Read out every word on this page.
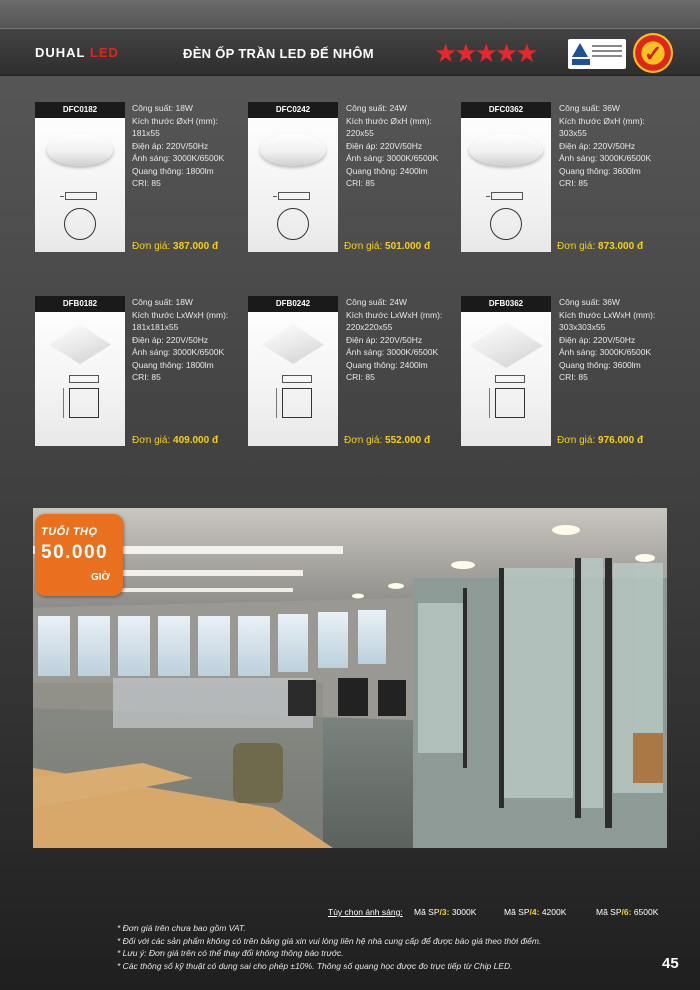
DUHAL LED	ĐÈN ỐP TRẦN LED ĐẾ NHÔM ★★★★★	✓
DFC0182	Công suất: 18W
Kích thước ØxH (mm):
181x55
Điện áp: 220V/50Hz
Ánh sáng: 3000K/6500K
Quang thông: 1800lm
CRI: 85
Đơn giá: 387.000 đ
DFC0242	Công suất: 24W
Kích thước ØxH (mm):
220x55
Điện áp: 220V/50Hz
Ánh sáng: 3000K/6500K
Quang thông: 2400lm
CRI: 85
Đơn giá: 501.000 đ
DFC0362	Công suất: 36W
Kích thước ØxH (mm):
303x55
Điện áp: 220V/50Hz
Ánh sáng: 3000K/6500K
Quang thông: 3600lm
CRI: 85
Đơn giá: 873.000 đ
DFB0182	Công suất: 18W
Kích thước LxWxH (mm):
181x181x55
Điện áp: 220V/50Hz
Ánh sáng: 3000K/6500K
Quang thông: 1800lm
CRI: 85
Đơn giá: 409.000 đ
DFB0242	Công suất: 24W
Kích thước LxWxH (mm):
220x220x55
Điện áp: 220V/50Hz
Ánh sáng: 3000K/6500K
Quang thông: 2400lm
CRI: 85
Đơn giá: 552.000 đ
DFB0362	Công suất: 36W
Kích thước LxWxH (mm):
303x303x55
Điện áp: 220V/50Hz
Ánh sáng: 3000K/6500K
Quang thông: 3600lm
CRI: 85
Đơn giá: 976.000 đ
TUỔI THỌ
50.000
GIỜ
Tùy chọn ánh sáng: Mã SP/3: 3000K	Mã SP/4: 4200K	Mã SP/6: 6500K
* Đơn giá trên chưa bao gồm VAT.
* Đối với các sản phẩm không có trên bảng giá xin vui lòng liên hệ nhà cung cấp để được báo giá theo thời điểm.
* Lưu ý: Đơn giá trên có thể thay đổi không thông báo trước.
* Các thông số kỹ thuật có dung sai cho phép ±10%. Thông số quang học được đo trực tiếp từ Chip LED.	45
